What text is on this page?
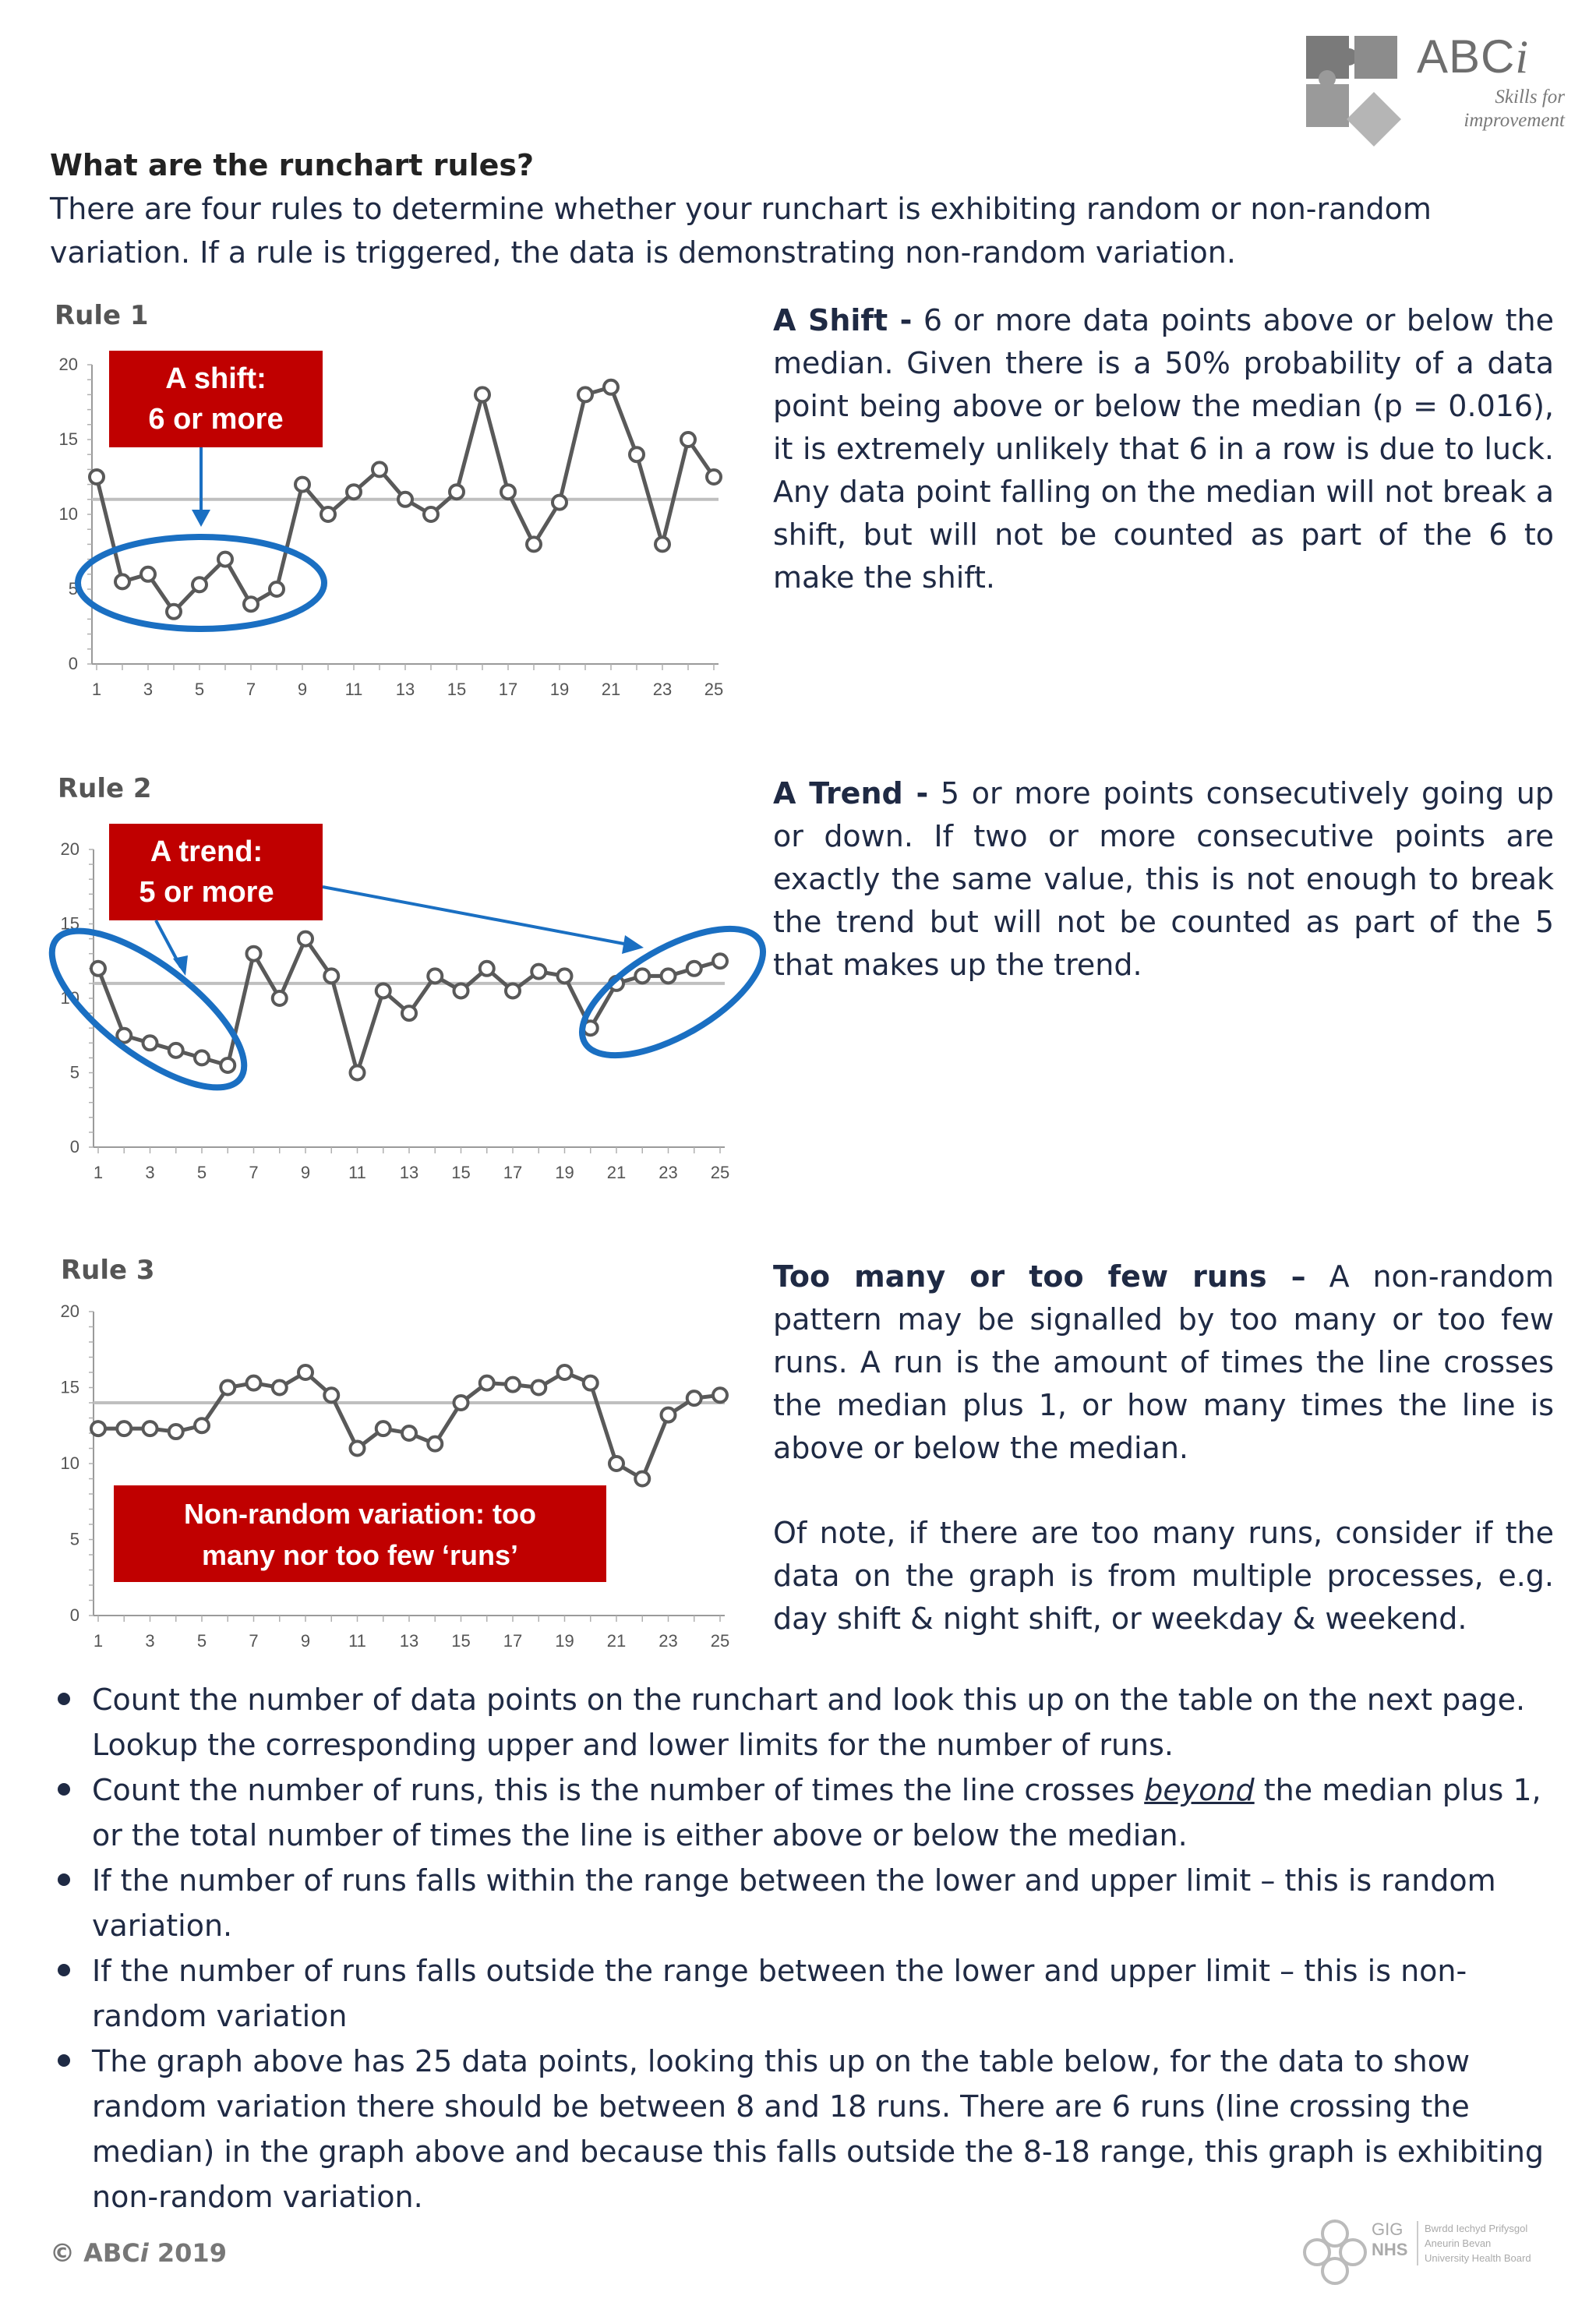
ABCi
Skills for
improvement
What are the runchart rules?
There are four rules to determine whether your runchart is exhibiting random or non-random variation. If a rule is triggered, the data is demonstrating non-random variation.
Rule 1
Rule 2
Rule 3
0
5
10
15
20
1 3 5 7 9 11 13 15 17 19 21 23 25
A shift:
6 or more
0
5
10
15
20
1 3 5 7 9 11 13 15 17 19 21 23 25
A trend:
5 or more
0
5
10
15
20
1 3 5 7 9 11 13 15 17 19 21 23 25
Non-random variation: too
many nor too few ‘runs’
A Shift - 6 or more data points above or below the median. Given there is a 50% probability of a data point being above or below the median (p = 0.016), it is extremely unlikely that 6 in a row is due to luck. Any data point falling on the median will not break a shift, but will not be counted as part of the 6 to make the shift.
A Trend - 5 or more points consecutively going up or down. If two or more consecutive points are exactly the same value, this is not enough to break the trend but will not be counted as part of the 5 that makes up the trend.
Too many or too few runs – A non-random pattern may be signalled by too many or too few runs. A run is the amount of times the line crosses the median plus 1, or how many times the line is above or below the median.
Of note, if there are too many runs, consider if the data on the graph is from multiple processes, e.g. day shift & night shift, or weekday & weekend.
Count the number of data points on the runchart and look this up on the table on the next page. Lookup the corresponding upper and lower limits for the number of runs.
Count the number of runs, this is the number of times the line crosses beyond the median plus 1, or the total number of times the line is either above or below the median.
If the number of runs falls within the range between the lower and upper limit – this is random variation.
If the number of runs falls outside the range between the lower and upper limit – this is non-random variation
The graph above has 25 data points, looking this up on the table below, for the data to show random variation there should be between 8 and 18 runs. There are 6 runs (line crossing the median) in the graph above and because this falls outside the 8-18 range, this graph is exhibiting non-random variation.
© ABCi 2019
GIG
NHS
Bwrdd Iechyd Prifysgol
Aneurin Bevan
University Health Board
